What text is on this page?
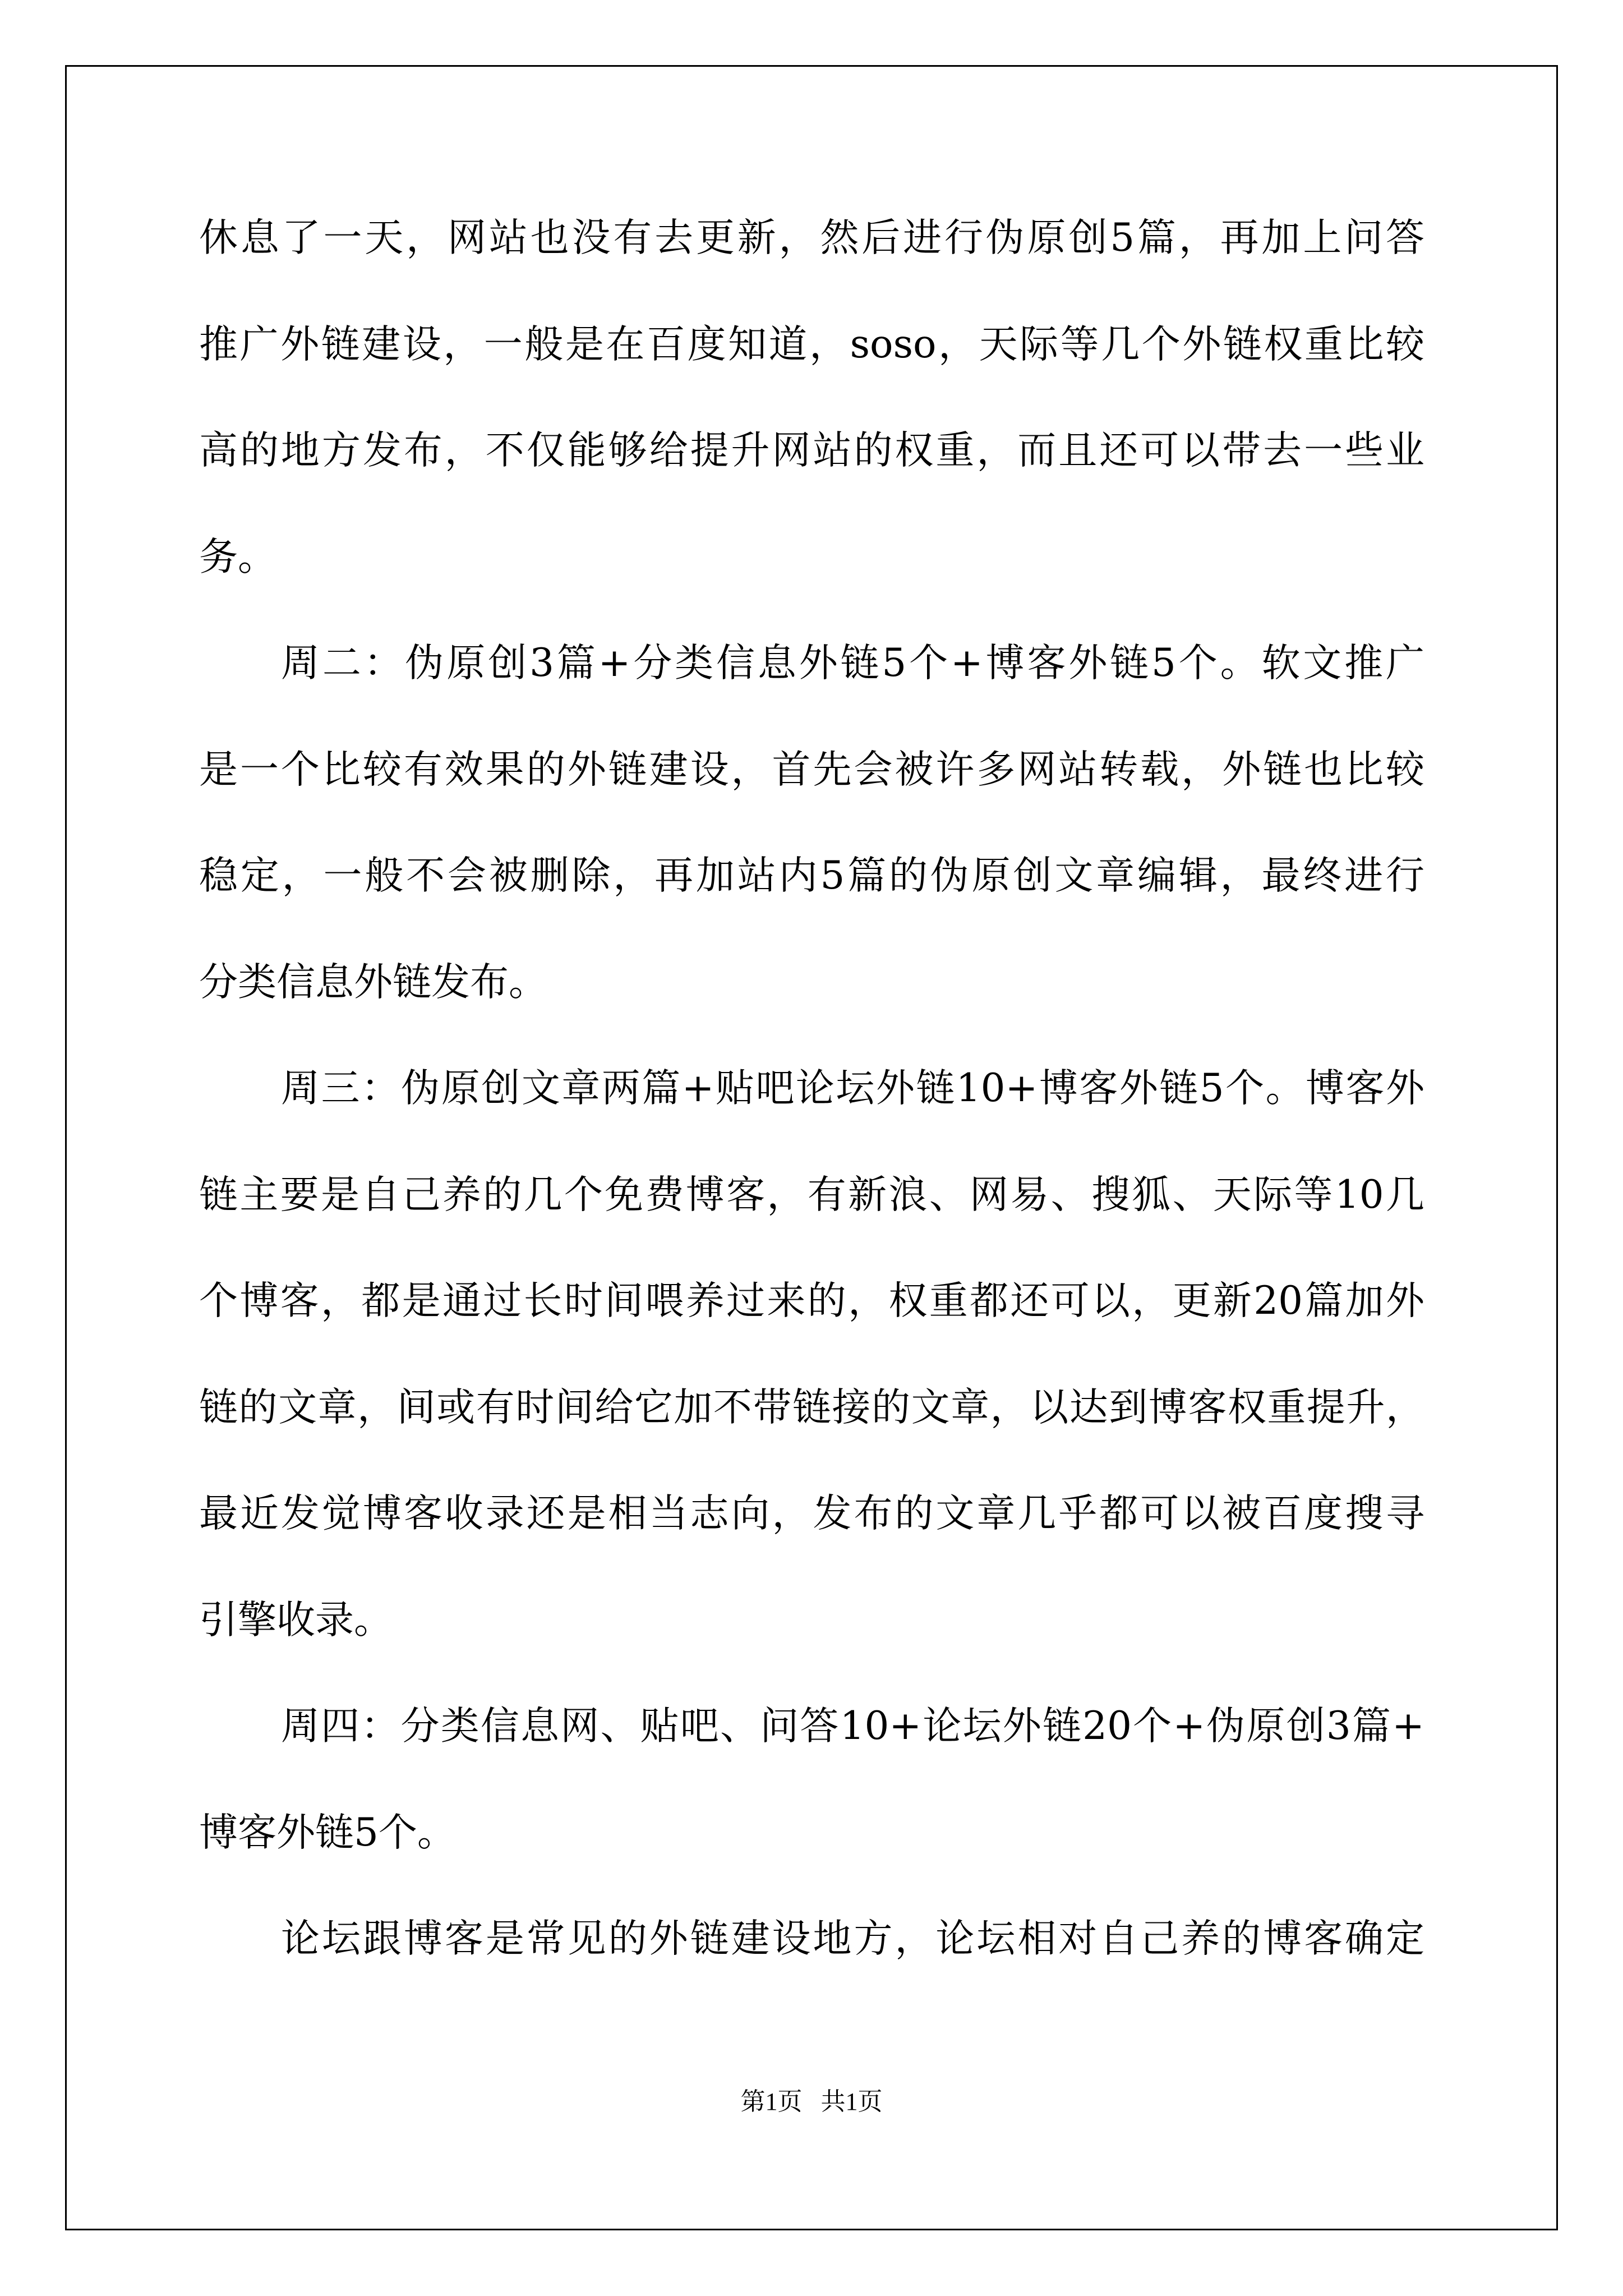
休息了一天，网站也没有去更新，然后进行伪原创5篇，再加上问答
推广外链建设，一般是在百度知道，soso，天际等几个外链权重比较
高的地方发布，不仅能够给提升网站的权重，而且还可以带去一些业
务。
周二：伪原创3篇+分类信息外链5个+博客外链5个。软文推广
是一个比较有效果的外链建设，首先会被许多网站转载，外链也比较
稳定，一般不会被删除，再加站内5篇的伪原创文章编辑，最终进行
分类信息外链发布。
周三：伪原创文章两篇+贴吧论坛外链10+博客外链5个。博客外
链主要是自己养的几个免费博客，有新浪、网易、搜狐、天际等10几
个博客，都是通过长时间喂养过来的，权重都还可以，更新20篇加外
链的文章，间或有时间给它加不带链接的文章，以达到博客权重提升，
最近发觉博客收录还是相当志向，发布的文章几乎都可以被百度搜寻
引擎收录。
周四：分类信息网、贴吧、问答10+论坛外链20个+伪原创3篇+
博客外链5个。
论坛跟博客是常见的外链建设地方，论坛相对自己养的博客确定
第1页   共1页
